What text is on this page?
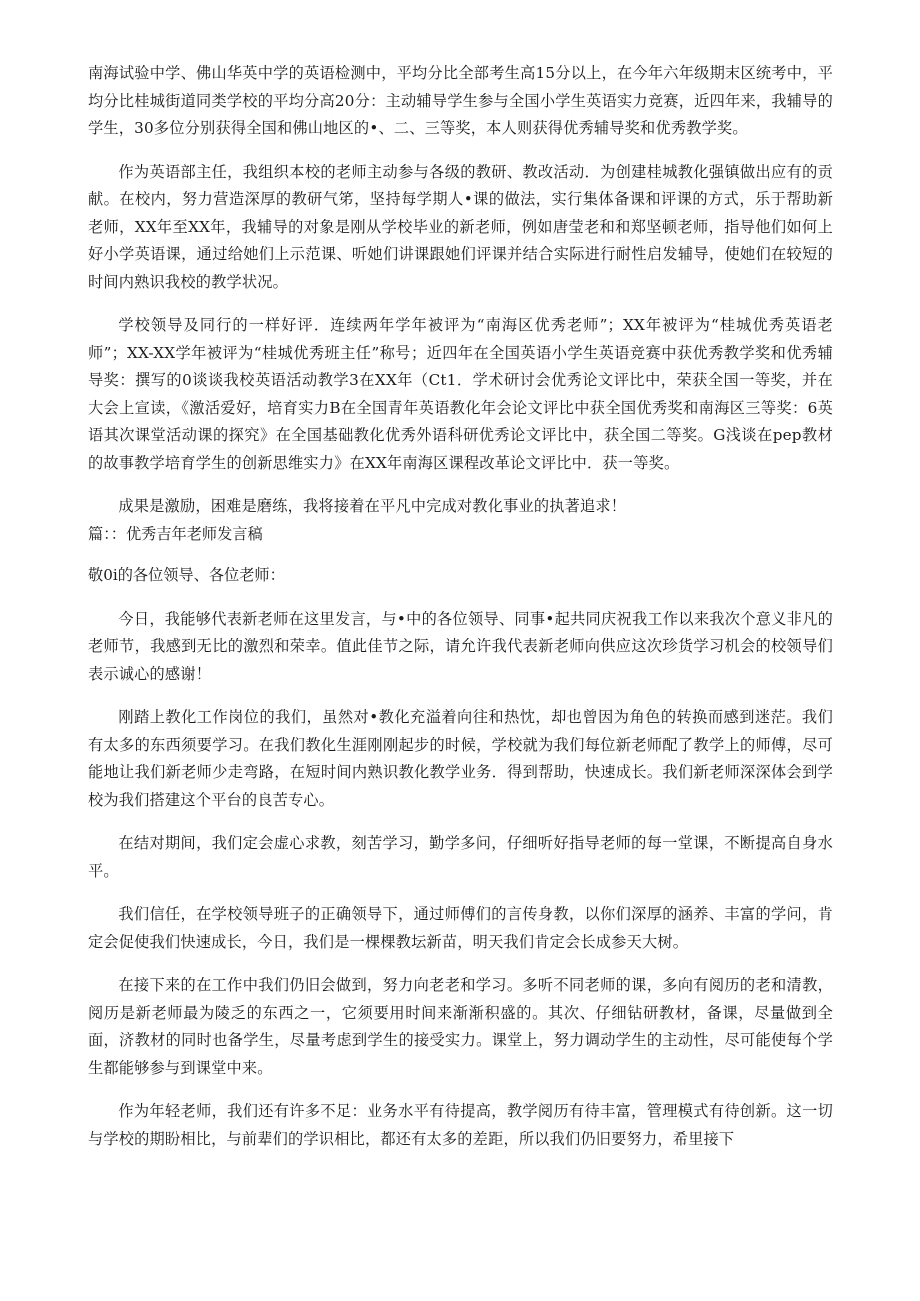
南海试验中学、佛山华英中学的英语检测中，平均分比全部考生高15分以上，在今年六年级期末区统考中，平均分比桂城街道同类学校的平均分高20分：主动辅导学生参与全国小学生英语实力竞赛，近四年来，我辅导的学生，30多位分别获得全国和佛山地区的•、二、三等奖，本人则获得优秀辅导奖和优秀教学奖。

作为英语部主任，我组织本校的老师主动参与各级的教研、教改活动．为创建桂城教化强镇做出应有的贡献。在校内，努力营造深厚的教研气笫，坚持每学期人•课的做法，实行集体备课和评课的方式，乐于帮助新老师，XX年至XX年，我辅导的对象是刚从学校毕业的新老师，例如唐莹老和和郑坚顿老师，指导他们如何上好小学英语课，通过给她们上示范课、听她们讲课跟她们评课并结合实际进行耐性启发辅导，使她们在较短的时间内熟识我校的教学状况。

学校领导及同行的一样好评．连续两年学年被评为“南海区优秀老师”；XX年被评为“桂城优秀英语老师”；XX-XX学年被评为“桂城优秀班主任”称号；近四年在全国英语小学生英语竞赛中获优秀教学奖和优秀辅导奖：撰写的0谈谈我校英语活动教学3在XX年（Ct1．学术研讨会优秀论文评比中，荣获全国一等奖，并在大会上宣读，《激活爱好，培育实力B在全国青年英语教化年会论文评比中获全国优秀奖和南海区三等奖：6英语其次课堂活动课的探究》在全国基础教化优秀外语科研优秀论文评比中，获全国二等奖。G浅谈在pep教材的故事教学培育学生的创新思维实力》在XX年南海区课程改革论文评比中．获一等奖。

成果是激励，困难是磨练，我将接着在平凡中完成对教化事业的执著追求！

篇：：优秀吉年老师发言稿

敬0i的各位领导、各位老师：

今日，我能够代表新老师在这里发言，与•中的各位领导、同事•起共同庆祝我工作以来我次个意义非凡的老师节，我感到无比的激烈和荣幸。值此佳节之际，请允许我代表新老师向供应这次珍货学习机会的校领导们表示诚心的感谢！

刚踏上教化工作岗位的我们，虽然对•教化充溢着向往和热忱，却也曾因为角色的转换而感到迷茫。我们有太多的东西须要学习。在我们教化生涯刚刚起步的时候，学校就为我们每位新老师配了教学上的师傅，尽可能地让我们新老师少走弯路，在短时间内熟识教化教学业务．得到帮助，快速成长。我们新老师深深体会到学校为我们搭建这个平台的良苦专心。

在结对期间，我们定会虚心求教，刻苦学习，勤学多问，仔细听好指导老师的每一堂课，不断提高自身水平。

我们信任，在学校领导班子的正确领导下，通过师傅们的言传身教，以你们深厚的涵养、丰富的学问，肯定会促使我们快速成长，今日，我们是一棵棵教坛新苗，明天我们肯定会长成参天大树。

在接下来的在工作中我们仍旧会做到，努力向老老和学习。多听不同老师的课，多向有阅历的老和清教，阅历是新老师最为陵乏的东西之一，它须要用时间来渐渐积盛的。其次、仔细钻研教材，备课，尽量做到全面，济教材的同时也备学生，尽量考虑到学生的接受实力。课堂上，努力调动学生的主动性，尽可能使每个学生都能够参与到课堂中来。

作为年轻老师，我们还有许多不足：业务水平有待提高，教学阅历有待丰富，管理模式有待创新。这一切与学校的期盼相比，与前辈们的学识相比，都还有太多的差距，所以我们仍旧要努力，希里接下
